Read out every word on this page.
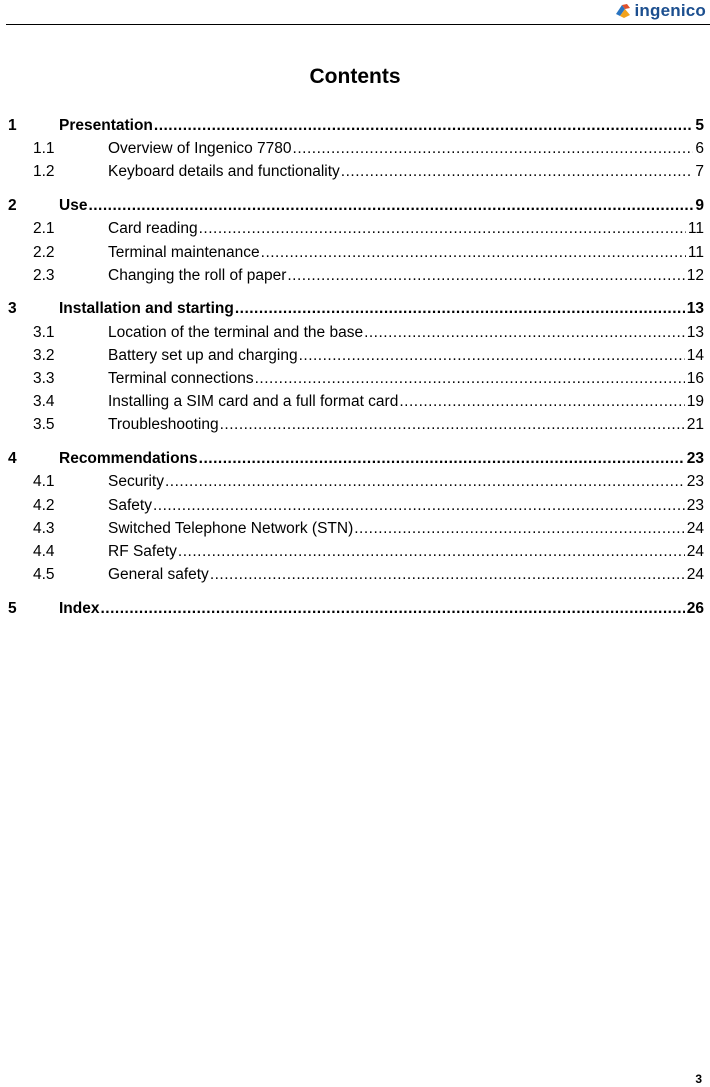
ingenico
Contents
1	Presentation .....	5
1.1	Overview of Ingenico 7780 .....	6
1.2	Keyboard details and functionality .....	7
2	Use .....	9
2.1	Card reading .....	11
2.2	Terminal maintenance .....	11
2.3	Changing the roll of paper .....	12
3	Installation and starting .....	13
3.1	Location of the terminal and the base .....	13
3.2	Battery set up and charging .....	14
3.3	Terminal connections .....	16
3.4	Installing a SIM card and a full format card .....	19
3.5	Troubleshooting .....	21
4	Recommendations .....	23
4.1	Security .....	23
4.2	Safety .....	23
4.3	Switched Telephone Network (STN) .....	24
4.4	RF Safety .....	24
4.5	General safety .....	24
5	Index .....	26
3
